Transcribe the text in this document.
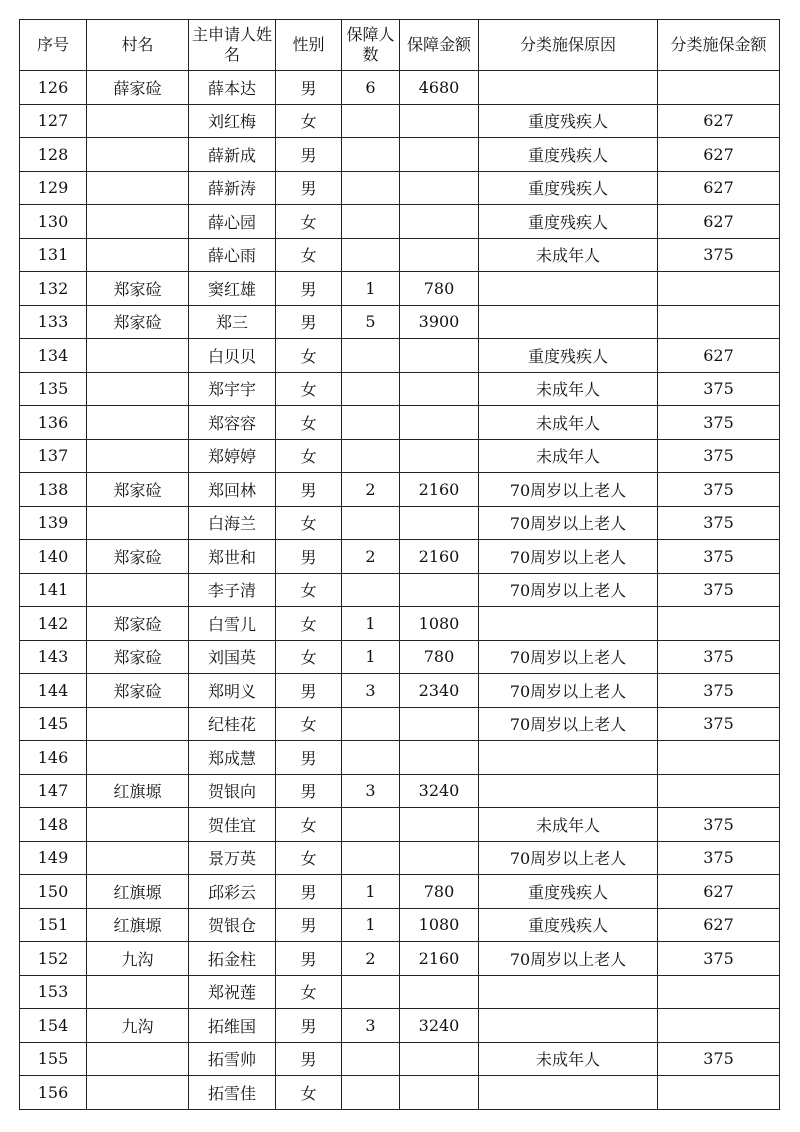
序号	村名	主申请人姓名	性别	保障人数	保障金额	分类施保原因	分类施保金额
126	薛家硷	薛本达	男	6	4680		
127		刘红梅	女			重度残疾人	627
128		薛新成	男			重度残疾人	627
129		薛新涛	男			重度残疾人	627
130		薛心园	女			重度残疾人	627
131		薛心雨	女			未成年人	375
132	郑家硷	窦红雄	男	1	780		
133	郑家硷	郑三	男	5	3900		
134		白贝贝	女			重度残疾人	627
135		郑宇宇	女			未成年人	375
136		郑容容	女			未成年人	375
137		郑婷婷	女			未成年人	375
138	郑家硷	郑回林	男	2	2160	70周岁以上老人	375
139		白海兰	女			70周岁以上老人	375
140	郑家硷	郑世和	男	2	2160	70周岁以上老人	375
141		李子清	女			70周岁以上老人	375
142	郑家硷	白雪儿	女	1	1080		
143	郑家硷	刘国英	女	1	780	70周岁以上老人	375
144	郑家硷	郑明义	男	3	2340	70周岁以上老人	375
145		纪桂花	女			70周岁以上老人	375
146		郑成慧	男				
147	红旗塬	贺银向	男	3	3240		
148		贺佳宜	女			未成年人	375
149		景万英	女			70周岁以上老人	375
150	红旗塬	邱彩云	男	1	780	重度残疾人	627
151	红旗塬	贺银仓	男	1	1080	重度残疾人	627
152	九沟	拓金柱	男	2	2160	70周岁以上老人	375
153		郑祝莲	女				
154	九沟	拓维国	男	3	3240		
155		拓雪帅	男			未成年人	375
156		拓雪佳	女				
